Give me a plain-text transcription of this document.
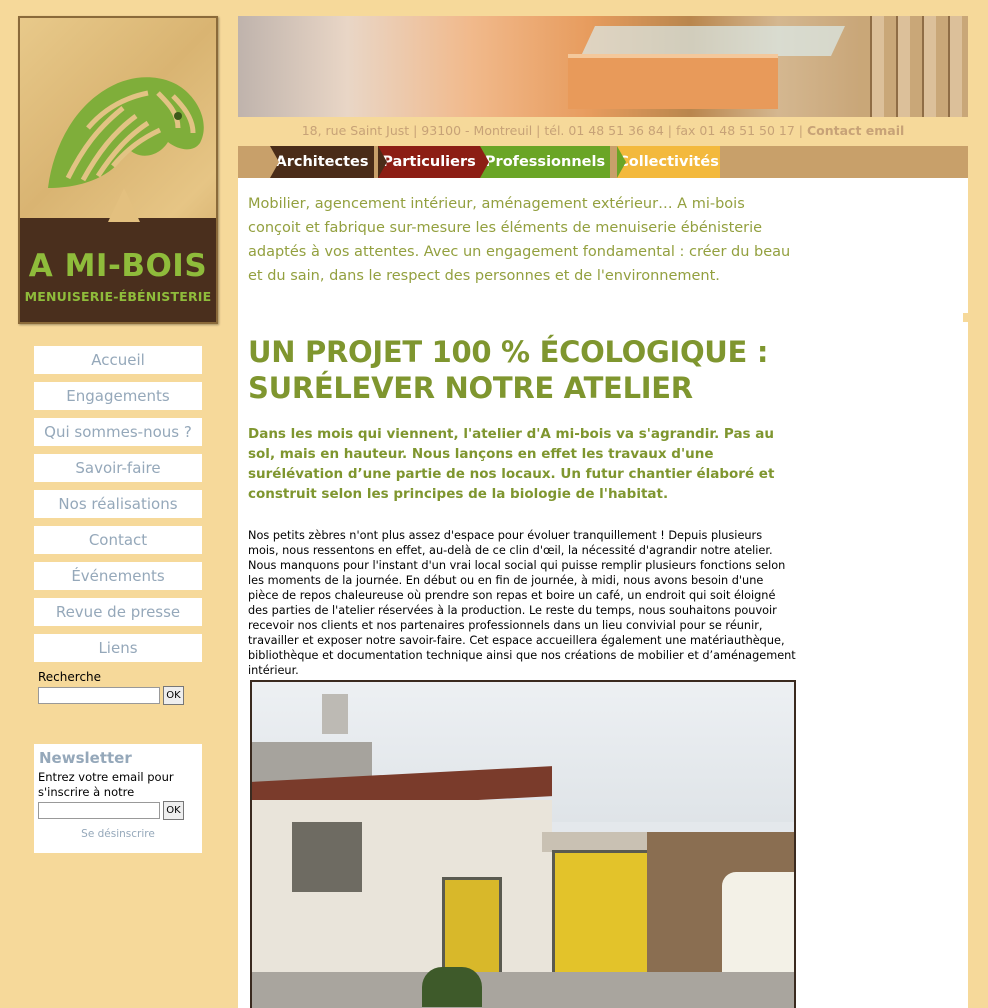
A MI-BOIS
MENUISERIE-ÉBÉNISTERIE
18, rue Saint Just | 93100 - Montreuil | tél. 01 48 51 36 84 | fax 01 48 51 50 17 | Contact email
Architectes Particuliers Professionnels Collectivités

Mobilier, agencement intérieur, aménagement extérieur… A mi-bois conçoit et fabrique sur-mesure les éléments de menuiserie ébénisterie adaptés à vos attentes. Avec un engagement fondamental : créer du beau et du sain, dans le respect des personnes et de l'environnement.

UN PROJET 100 % ÉCOLOGIQUE : SURÉLEVER NOTRE ATELIER

Dans les mois qui viennent, l'atelier d'A mi-bois va s'agrandir. Pas au sol, mais en hauteur. Nous lançons en effet les travaux d'une surélévation d’une partie de nos locaux. Un futur chantier élaboré et construit selon les principes de la biologie de l'habitat.

Nos petits zèbres n'ont plus assez d'espace pour évoluer tranquillement ! Depuis plusieurs mois, nous ressentons en effet, au-delà de ce clin d'œil, la nécessité d'agrandir notre atelier. Nous manquons pour l'instant d'un vrai local social qui puisse remplir plusieurs fonctions selon les moments de la journée. En début ou en fin de journée, à midi, nous avons besoin d'une pièce de repos chaleureuse où prendre son repas et boire un café, un endroit qui soit éloigné des parties de l'atelier réservées à la production. Le reste du temps, nous souhaitons pouvoir recevoir nos clients et nos partenaires professionnels dans un lieu convivial pour se réunir, travailler et exposer notre savoir-faire. Cet espace accueillera également une matériauthèque, bibliothèque et documentation technique ainsi que nos créations de mobilier et d’aménagement intérieur.

Accueil
Engagements
Qui sommes-nous ?
Savoir-faire
Nos réalisations
Contact
Événements
Revue de presse
Liens
Recherche
OK
Newsletter
Entrez votre email pour s'inscrire à notre
OK
Se désinscrire
